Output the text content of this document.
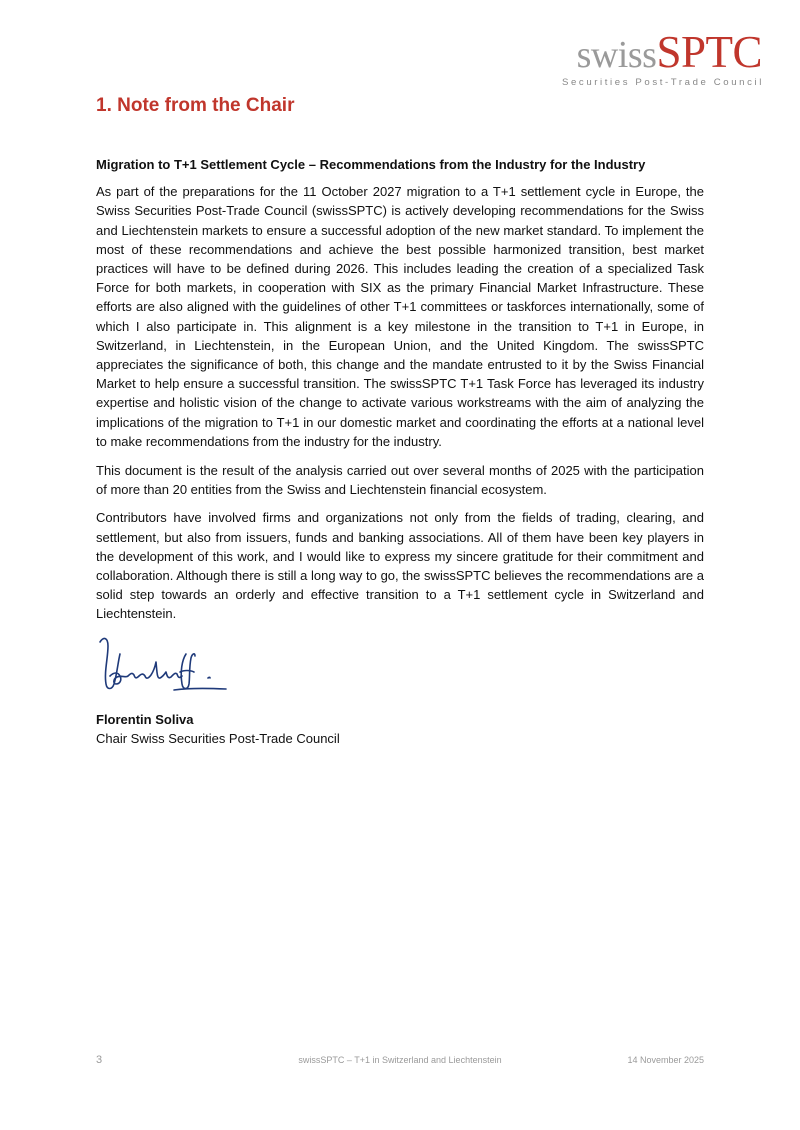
swissSPTC
Securities Post-Trade Council
1. Note from the Chair

Migration to T+1 Settlement Cycle – Recommendations from the Industry for the Industry

As part of the preparations for the 11 October 2027 migration to a T+1 settlement cycle in Europe, the Swiss Securities Post-Trade Council (swissSPTC) is actively developing recommendations for the Swiss and Liechtenstein markets to ensure a successful adoption of the new market standard. To implement the most of these recommendations and achieve the best possible harmonized transition, best market practices will have to be defined during 2026. This includes leading the creation of a specialized Task Force for both markets, in cooperation with SIX as the primary Financial Market Infrastructure. These efforts are also aligned with the guidelines of other T+1 committees or taskforces internationally, some of which I also participate in. This alignment is a key milestone in the transition to T+1 in Europe, in Switzerland, in Liechtenstein, in the European Union, and the United Kingdom. The swissSPTC appreciates the significance of both, this change and the mandate entrusted to it by the Swiss Financial Market to help ensure a successful transition. The swissSPTC T+1 Task Force has leveraged its industry expertise and holistic vision of the change to activate various workstreams with the aim of analyzing the implications of the migration to T+1 in our domestic market and coordinating the efforts at a national level to make recommendations from the industry for the industry.

This document is the result of the analysis carried out over several months of 2025 with the participation of more than 20 entities from the Swiss and Liechtenstein financial ecosystem.

Contributors have involved firms and organizations not only from the fields of trading, clearing, and settlement, but also from issuers, funds and banking associations. All of them have been key players in the development of this work, and I would like to express my sincere gratitude for their commitment and collaboration. Although there is still a long way to go, the swissSPTC believes the recommendations are a solid step towards an orderly and effective transition to a T+1 settlement cycle in Switzerland and Liechtenstein.

Florentin Soliva
Chair Swiss Securities Post-Trade Council
3	swissSPTC – T+1 in Switzerland and Liechtenstein	14 November 2025
